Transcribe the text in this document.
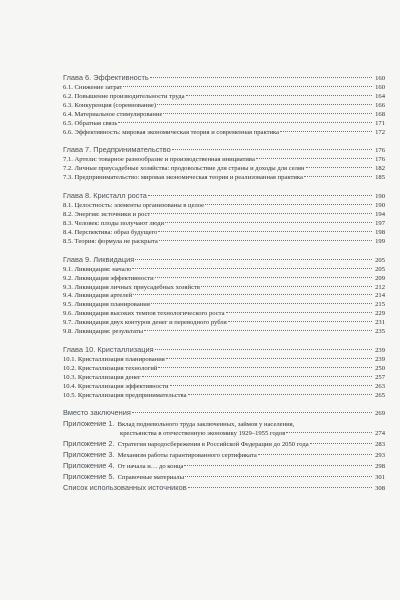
Глава 6. Эффективность	160
6.1. Снижение затрат	160
6.2. Повышение производительности труда	164
6.3. Конкуренция (соревнование)	166
6.4. Материальное стимулирование	168
6.5. Обратная связь	171
6.6. Эффективность: мировая экономическая теория и современная практика	172
Глава 7. Предпринимательство	176
7.1. Артели: товарное разнообразие и производственная инициатива	176
7.2. Личные приусадебные хозяйства: продовольствие для страны и доходы для селян	182
7.3. Предпринимательство: мировая экономическая теория и реализованная практика	185
Глава 8. Кристалл роста	190
8.1. Целостность: элементы организованы в целое	190
8.2. Энергия: источники и рост	194
8.3. Человек: плоды получают люди	197
8.4. Перспектива: образ будущего	198
8.5. Теория: формула не раскрыта	199
Глава 9. Ликвидация	205
9.1. Ликвидация: начало	205
9.2. Ликвидация эффективности	209
9.3. Ликвидация личных приусадебных хозяйств	212
9.4. Ликвидация артелей	214
9.5. Ликвидация планирования	215
9.6. Ликвидация высоких темпов технологического роста	229
9.7. Ликвидация двух контуров денег и переводного рубля	231
9.8. Ликвидация: результаты	235
Глава 10. Кристаллизация	239
10.1. Кристаллизация планирования	239
10.2. Кристаллизация технологий	250
10.3. Кристаллизация денег	257
10.4. Кристаллизация эффективности	263
10.5. Кристаллизация предпринимательства	265
Вместо заключения	269
Приложение 1. Вклад подневольного труда заключенных, займов у населения,
крестьянства в отечественную экономику 1929–1955 годов	274
Приложение 2. Стратегия народосбережения в Российской Федерации до 2050 года	283
Приложение 3. Механизм работы гарантированного сертификата	293
Приложение 4. От начала и… до конца	298
Приложение 5. Справочные материалы	301
Список использованных источников	308
